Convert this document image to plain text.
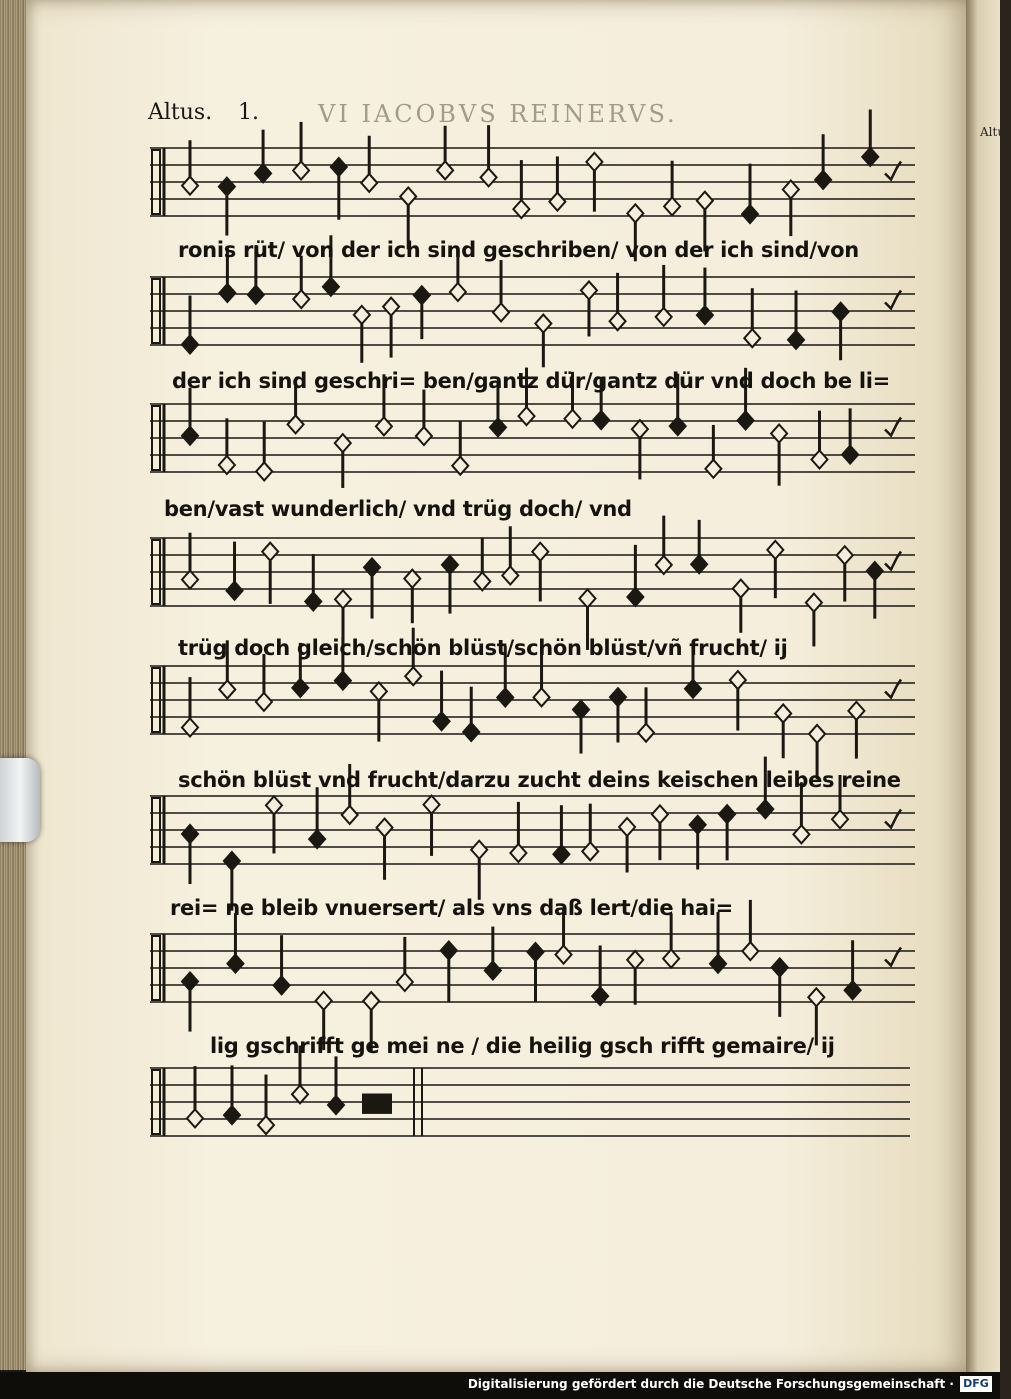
Altus
Altus. 1. VI IACOBVS REINERVS.
ronis rüt/ von der ich sind geschriben/ von der ich sind/von
der ich sind geschri= ben/gantz dür/gantz dür vnd doch be li=
ben/vast wunderlich/ vnd trüg doch/ vnd
trüg doch gleich/schön blüst/schön blüst/vñ frucht/ ij
schön blüst vnd frucht/darzu zucht deins keischen leibes reine
rei= ne bleib vnuersert/ als vns daß lert/die hai=
lig gschrifft ge mei ne / die heilig gsch rifft gemaire/ ij
Digitalisierung gefördert durch die Deutsche Forschungsgemeinschaft · DFG
